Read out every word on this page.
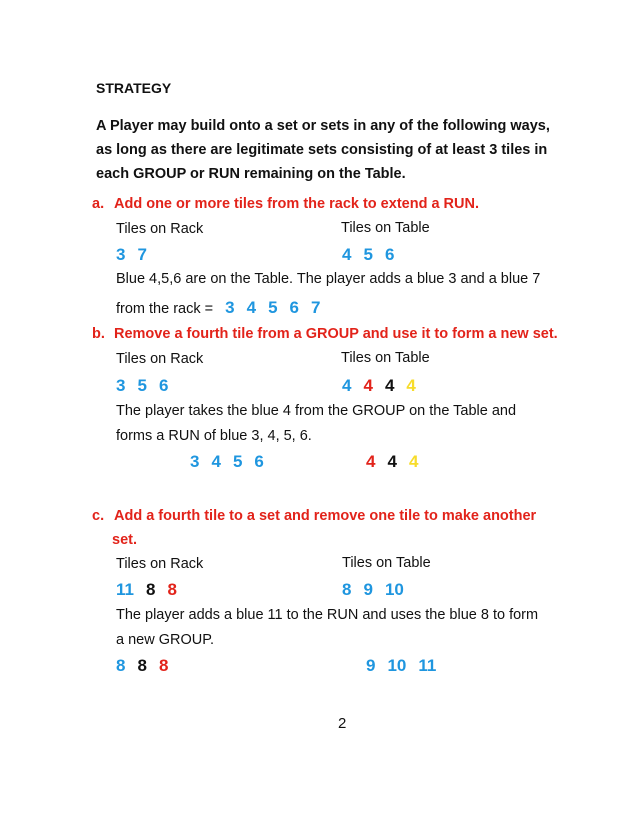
STRATEGY
A Player may build onto a set or sets in any of the following ways, as long as there are legitimate sets consisting of at least 3 tiles in each GROUP or RUN remaining on the Table.
a. Add one or more tiles from the rack to extend a RUN.
Tiles on Rack	Tiles on Table
3 7	4 5 6
Blue 4,5,6 are on the Table. The player adds a blue 3 and a blue 7
from the rack = 3 4 5 6 7
b. Remove a fourth tile from a GROUP and use it to form a new set.
Tiles on Rack	Tiles on Table
3 5 6	4 4 4 4
The player takes the blue 4 from the GROUP on the Table and
forms a RUN of blue 3, 4, 5, 6.
3 4 5 6	4 4 4
c. Add a fourth tile to a set and remove one tile to make another
set.
Tiles on Rack	Tiles on Table
11 8 8	8 9 10
The player adds a blue 11 to the RUN and uses the blue 8 to form
a new GROUP.
8 8 8	9 10 11
2
